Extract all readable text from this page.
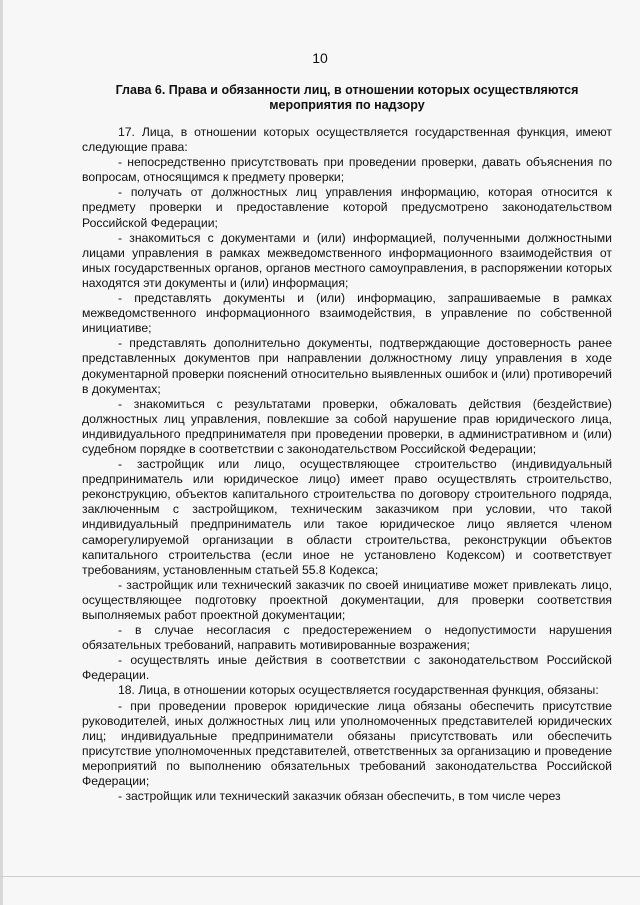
10
Глава 6. Права и обязанности лиц, в отношении которых осуществляются
мероприятия по надзору

17. Лица, в отношении которых осуществляется государственная функция, имеют следующие права:

- непосредственно присутствовать при проведении проверки, давать объяснения по вопросам, относящимся к предмету проверки;

- получать от должностных лиц управления информацию, которая относится к предмету проверки и предоставление которой предусмотрено законодательством Российской Федерации;

- знакомиться с документами и (или) информацией, полученными должностными лицами управления в рамках межведомственного информационного взаимодействия от иных государственных органов, органов местного самоуправления, в распоряжении которых находятся эти документы и (или) информация;

- представлять документы и (или) информацию, запрашиваемые в рамках межведомственного информационного взаимодействия, в управление по собственной инициативе;

- представлять дополнительно документы, подтверждающие достоверность ранее представленных документов при направлении должностному лицу управления в ходе документарной проверки пояснений относительно выявленных ошибок и (или) противоречий в документах;

- знакомиться с результатами проверки, обжаловать действия (бездействие) должностных лиц управления, повлекшие за собой нарушение прав юридического лица, индивидуального предпринимателя при проведении проверки, в административном и (или) судебном порядке в соответствии с законодательством Российской Федерации;

- застройщик или лицо, осуществляющее строительство (индивидуальный предприниматель или юридическое лицо) имеет право осуществлять строительство, реконструкцию, объектов капитального строительства по договору строительного подряда, заключенным с застройщиком, техническим заказчиком при условии, что такой индивидуальный предприниматель или такое юридическое лицо является членом саморегулируемой организации в области строительства, реконструкции объектов капитального строительства (если иное не установлено Кодексом) и соответствует требованиям, установленным статьей 55.8 Кодекса;

- застройщик или технический заказчик по своей инициативе может привлекать лицо, осуществляющее подготовку проектной документации, для проверки соответствия выполняемых работ проектной документации;

- в случае несогласия с предостережением о недопустимости нарушения обязательных требований, направить мотивированные возражения;

- осуществлять иные действия в соответствии с законодательством Российской Федерации.

18. Лица, в отношении которых осуществляется государственная функция, обязаны:

- при проведении проверок юридические лица обязаны обеспечить присутствие руководителей, иных должностных лиц или уполномоченных представителей юридических лиц; индивидуальные предприниматели обязаны присутствовать или обеспечить присутствие уполномоченных представителей, ответственных за организацию и проведение мероприятий по выполнению обязательных требований законодательства Российской Федерации;

- застройщик или технический заказчик обязан обеспечить, в том числе через
